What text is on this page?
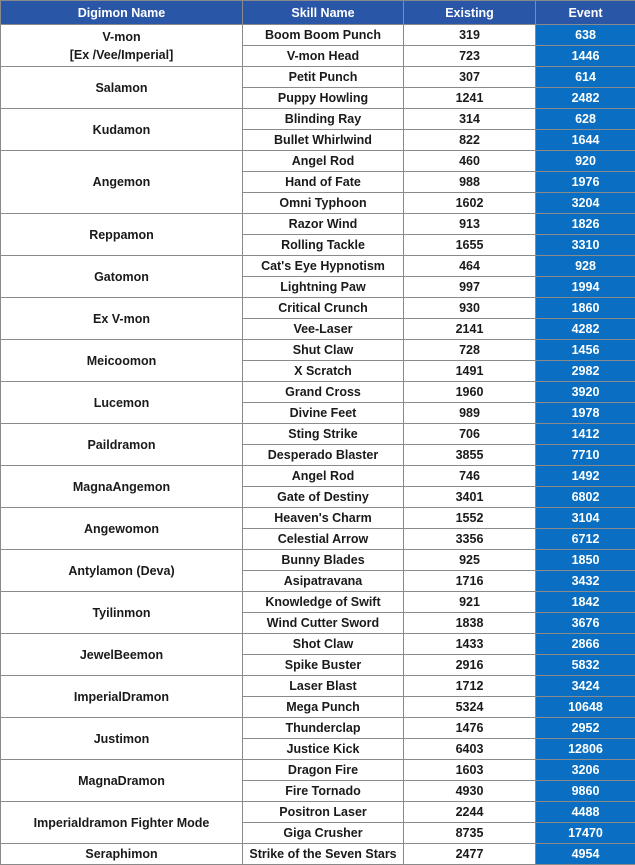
Digimon Name	Skill Name	Existing	Event
V-mon
[Ex /Vee/Imperial]	Boom Boom Punch	319	638
	V-mon Head	723	1446
Salamon	Petit Punch	307	614
	Puppy Howling	1241	2482
Kudamon	Blinding Ray	314	628
	Bullet Whirlwind	822	1644
Angemon	Angel Rod	460	920
	Hand of Fate	988	1976
	Omni Typhoon	1602	3204
Reppamon	Razor Wind	913	1826
	Rolling Tackle	1655	3310
Gatomon	Cat's Eye Hypnotism	464	928
	Lightning Paw	997	1994
Ex V-mon	Critical Crunch	930	1860
	Vee-Laser	2141	4282
Meicoomon	Shut Claw	728	1456
	X Scratch	1491	2982
Lucemon	Grand Cross	1960	3920
	Divine Feet	989	1978
Paildramon	Sting Strike	706	1412
	Desperado Blaster	3855	7710
MagnaAngemon	Angel Rod	746	1492
	Gate of Destiny	3401	6802
Angewomon	Heaven's Charm	1552	3104
	Celestial Arrow	3356	6712
Antylamon (Deva)	Bunny Blades	925	1850
	Asipatravana	1716	3432
Tyilinmon	Knowledge of Swift	921	1842
	Wind Cutter Sword	1838	3676
JewelBeemon	Shot Claw	1433	2866
	Spike Buster	2916	5832
ImperialDramon	Laser Blast	1712	3424
	Mega Punch	5324	10648
Justimon	Thunderclap	1476	2952
	Justice Kick	6403	12806
MagnaDramon	Dragon Fire	1603	3206
	Fire Tornado	4930	9860
Imperialdramon Fighter Mode	Positron Laser	2244	4488
	Giga Crusher	8735	17470
Seraphimon	Strike of the Seven Stars	2477	4954
